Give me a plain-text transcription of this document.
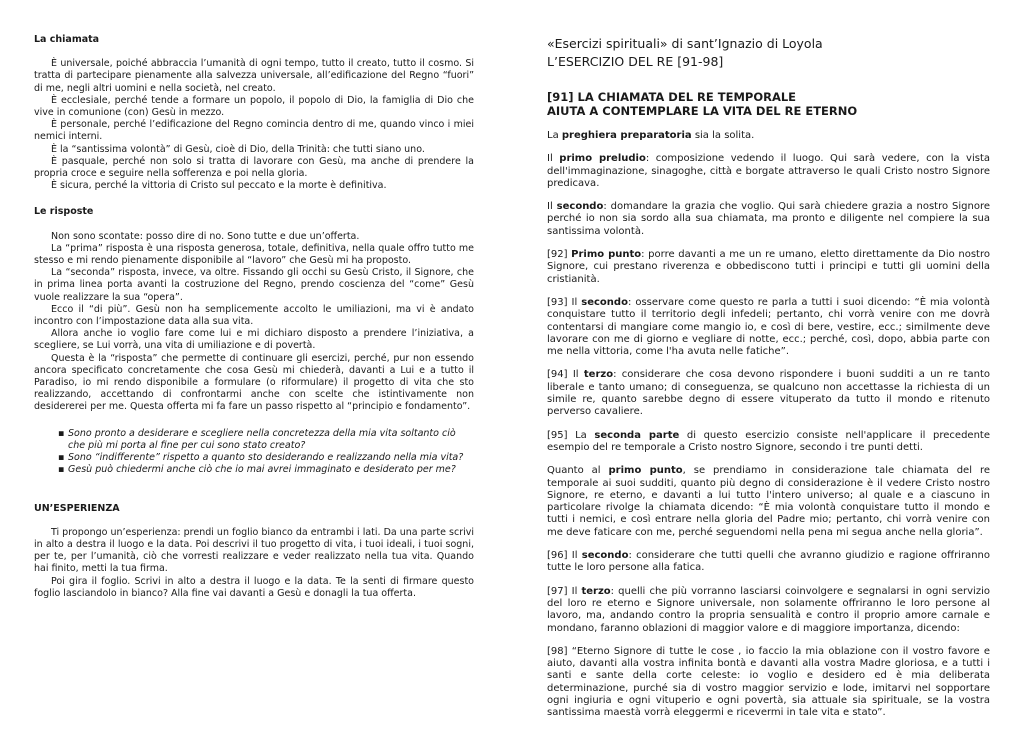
La chiamata

È universale, poiché abbraccia l’umanità di ogni tempo, tutto il creato, tutto il cosmo. Si tratta di partecipare pienamente alla salvezza universale, all’edificazione del Regno “fuori” di me, negli altri uomini e nella società, nel creato.

È ecclesiale, perché tende a formare un popolo, il popolo di Dio, la famiglia di Dio che vive in comunione (con) Gesù in mezzo.

È personale, perché l’edificazione del Regno comincia dentro di me, quando vinco i miei nemici interni.

È la “santissima volontà” di Gesù, cioè di Dio, della Trinità: che tutti siano uno.

È pasquale, perché non solo si tratta di lavorare con Gesù, ma anche di prendere la propria croce e seguire nella sofferenza e poi nella gloria.

È sicura, perché la vittoria di Cristo sul peccato e la morte è definitiva.

Le risposte

Non sono scontate: posso dire di no. Sono tutte e due un’offerta.

La “prima” risposta è una risposta generosa, totale, definitiva, nella quale offro tutto me stesso e mi rendo pienamente disponibile al “lavoro” che Gesù mi ha proposto.

La “seconda” risposta, invece, va oltre. Fissando gli occhi su Gesù Cristo, il Signore, che in prima linea porta avanti la costruzione del Regno, prendo coscienza del “come” Gesù vuole realizzare la sua “opera”.

Ecco il “di più”. Gesù non ha semplicemente accolto le umiliazioni, ma vi è andato incontro con l’impostazione data alla sua vita.

Allora anche io voglio fare come lui e mi dichiaro disposto a prendere l’iniziativa, a scegliere, se Lui vorrà, una vita di umiliazione e di povertà.

Questa è la “risposta” che permette di continuare gli esercizi, perché, pur non essendo ancora specificato concretamente che cosa Gesù mi chiederà, davanti a Lui e a tutto il Paradiso, io mi rendo disponibile a formulare (o riformulare) il progetto di vita che sto realizzando, accettando di confrontarmi anche con scelte che istintivamente non desidererei per me. Questa offerta mi fa fare un passo rispetto al “principio e fondamento”.

▪ Sono pronto a desiderare e scegliere nella concretezza della mia vita soltanto ciò che più mi porta al fine per cui sono stato creato?
▪ Sono “indifferente” rispetto a quanto sto desiderando e realizzando nella mia vita?
▪ Gesù può chiedermi anche ciò che io mai avrei immaginato e desiderato per me?

UN’ESPERIENZA

Ti propongo un’esperienza: prendi un foglio bianco da entrambi i lati. Da una parte scrivi in alto a destra il luogo e la data. Poi descrivi il tuo progetto di vita, i tuoi ideali, i tuoi sogni, per te, per l’umanità, ciò che vorresti realizzare e veder realizzato nella tua vita. Quando hai finito, metti la tua firma.

Poi gira il foglio. Scrivi in alto a destra il luogo e la data. Te la senti di firmare questo foglio lasciandolo in bianco? Alla fine vai davanti a Gesù e donagli la tua offerta.

«Esercizi spirituali» di sant’Ignazio di Loyola
L’ESERCIZIO DEL RE [91-98]
[91] LA CHIAMATA DEL RE TEMPORALE
AIUTA A CONTEMPLARE LA VITA DEL RE ETERNO

La preghiera preparatoria sia la solita.

Il primo preludio: composizione vedendo il luogo. Qui sarà vedere, con la vista dell'immaginazione, sinagoghe, città e borgate attraverso le quali Cristo nostro Signore predicava.

Il secondo: domandare la grazia che voglio. Qui sarà chiedere grazia a nostro Signore perché io non sia sordo alla sua chiamata, ma pronto e diligente nel compiere la sua santissima volontà.

[92] Primo punto: porre davanti a me un re umano, eletto direttamente da Dio nostro Signore, cui prestano riverenza e obbediscono tutti i principi e tutti gli uomini della cristianità.

[93] Il secondo: osservare come questo re parla a tutti i suoi dicendo: “È mia volontà conquistare tutto il territorio degli infedeli; pertanto, chi vorrà venire con me dovrà contentarsi di mangiare come mangio io, e così di bere, vestire, ecc.; similmente deve lavorare con me di giorno e vegliare di notte, ecc.; perché, così, dopo, abbia parte con me nella vittoria, come l'ha avuta nelle fatiche”.

[94] Il terzo: considerare che cosa devono rispondere i buoni sudditi a un re tanto liberale e tanto umano; di conseguenza, se qualcuno non accettasse la richiesta di un simile re, quanto sarebbe degno di essere vituperato da tutto il mondo e ritenuto perverso cavaliere.

[95] La seconda parte di questo esercizio consiste nell'applicare il precedente esempio del re temporale a Cristo nostro Signore, secondo i tre punti detti.

Quanto al primo punto, se prendiamo in considerazione tale chiamata del re temporale ai suoi sudditi, quanto più degno di considerazione è il vedere Cristo nostro Signore, re eterno, e davanti a lui tutto l'intero universo; al quale e a ciascuno in particolare rivolge la chiamata dicendo: “È mia volontà conquistare tutto il mondo e tutti i nemici, e così entrare nella gloria del Padre mio; pertanto, chi vorrà venire con me deve faticare con me, perché seguendomi nella pena mi segua anche nella gloria”.

[96] Il secondo: considerare che tutti quelli che avranno giudizio e ragione offriranno tutte le loro persone alla fatica.

[97] Il terzo: quelli che più vorranno lasciarsi coinvolgere e segnalarsi in ogni servizio del loro re eterno e Signore universale, non solamente offriranno le loro persone al lavoro, ma, andando contro la propria sensualità e contro il proprio amore carnale e mondano, faranno oblazioni di maggior valore e di maggiore importanza, dicendo:

[98] “Eterno Signore di tutte le cose , io faccio la mia oblazione con il vostro favore e aiuto, davanti alla vostra infinita bontà e davanti alla vostra Madre gloriosa, e a tutti i santi e sante della corte celeste: io voglio e desidero ed è mia deliberata determinazione, purché sia di vostro maggior servizio e lode, imitarvi nel sopportare ogni ingiuria e ogni vituperio e ogni povertà, sia attuale sia spirituale, se la vostra santissima maestà vorrà eleggermi e ricevermi in tale vita e stato”.
